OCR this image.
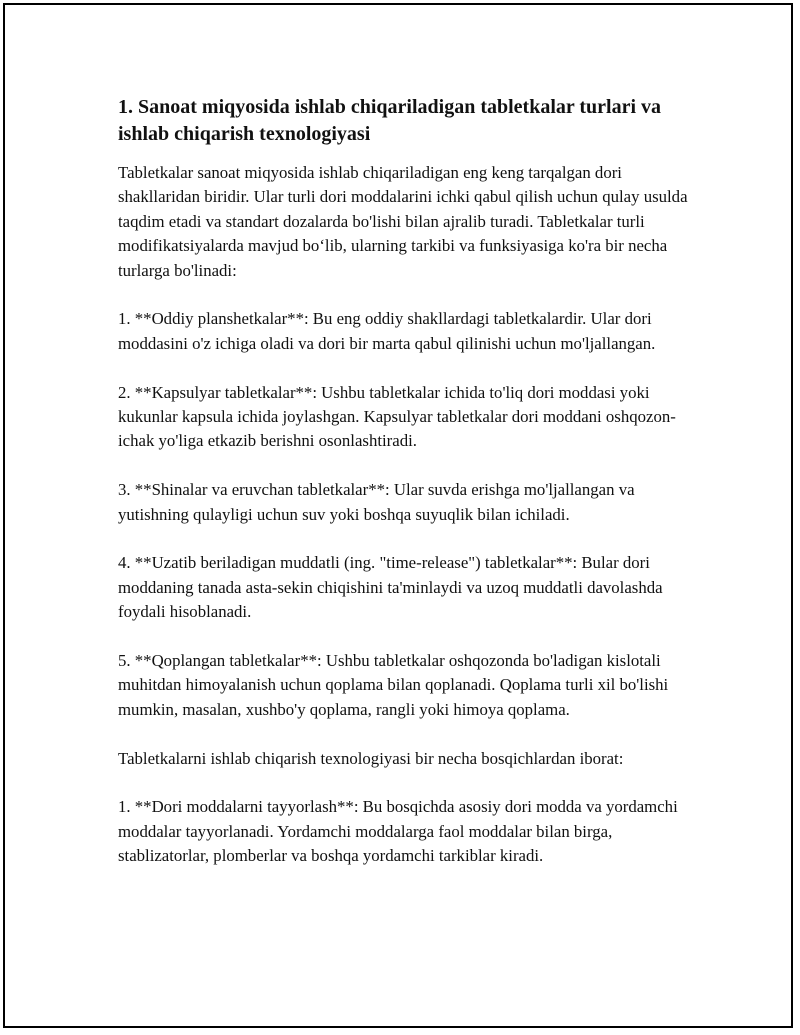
1. Sanoat miqyosida ishlab chiqariladigan tabletkalar turlari va ishlab chiqarish texnologiyasi

Tabletkalar sanoat miqyosida ishlab chiqariladigan eng keng tarqalgan dori shakllaridan biridir. Ular turli dori moddalarini ichki qabul qilish uchun qulay usulda taqdim etadi va standart dozalarda bo'lishi bilan ajralib turadi. Tabletkalar turli modifikatsiyalarda mavjud bo‘lib, ularning tarkibi va funksiyasiga ko'ra bir necha turlarga bo'linadi:

1. **Oddiy planshetkalar**: Bu eng oddiy shakllardagi tabletkalardir. Ular dori moddasini o'z ichiga oladi va dori bir marta qabul qilinishi uchun mo'ljallangan.

2. **Kapsulyar tabletkalar**: Ushbu tabletkalar ichida to'liq dori moddasi yoki kukunlar kapsula ichida joylashgan. Kapsulyar tabletkalar dori moddani oshqozon-ichak yo'liga etkazib berishni osonlashtiradi.

3. **Shinalar va eruvchan tabletkalar**: Ular suvda erishga mo'ljallangan va yutishning qulayligi uchun suv yoki boshqa suyuqlik bilan ichiladi.

4. **Uzatib beriladigan muddatli (ing. "time-release") tabletkalar**: Bular dori moddaning tanada asta-sekin chiqishini ta'minlaydi va uzoq muddatli davolashda foydali hisoblanadi.

5. **Qoplangan tabletkalar**: Ushbu tabletkalar oshqozonda bo'ladigan kislotali muhitdan himoyalanish uchun qoplama bilan qoplanadi. Qoplama turli xil bo'lishi mumkin, masalan, xushbo'y qoplama, rangli yoki himoya qoplama.

Tabletkalarni ishlab chiqarish texnologiyasi bir necha bosqichlardan iborat:

1. **Dori moddalarni tayyorlash**: Bu bosqichda asosiy dori modda va yordamchi moddalar tayyorlanadi. Yordamchi moddalarga faol moddalar bilan birga, stablizatorlar, plomberlar va boshqa yordamchi tarkiblar kiradi.
